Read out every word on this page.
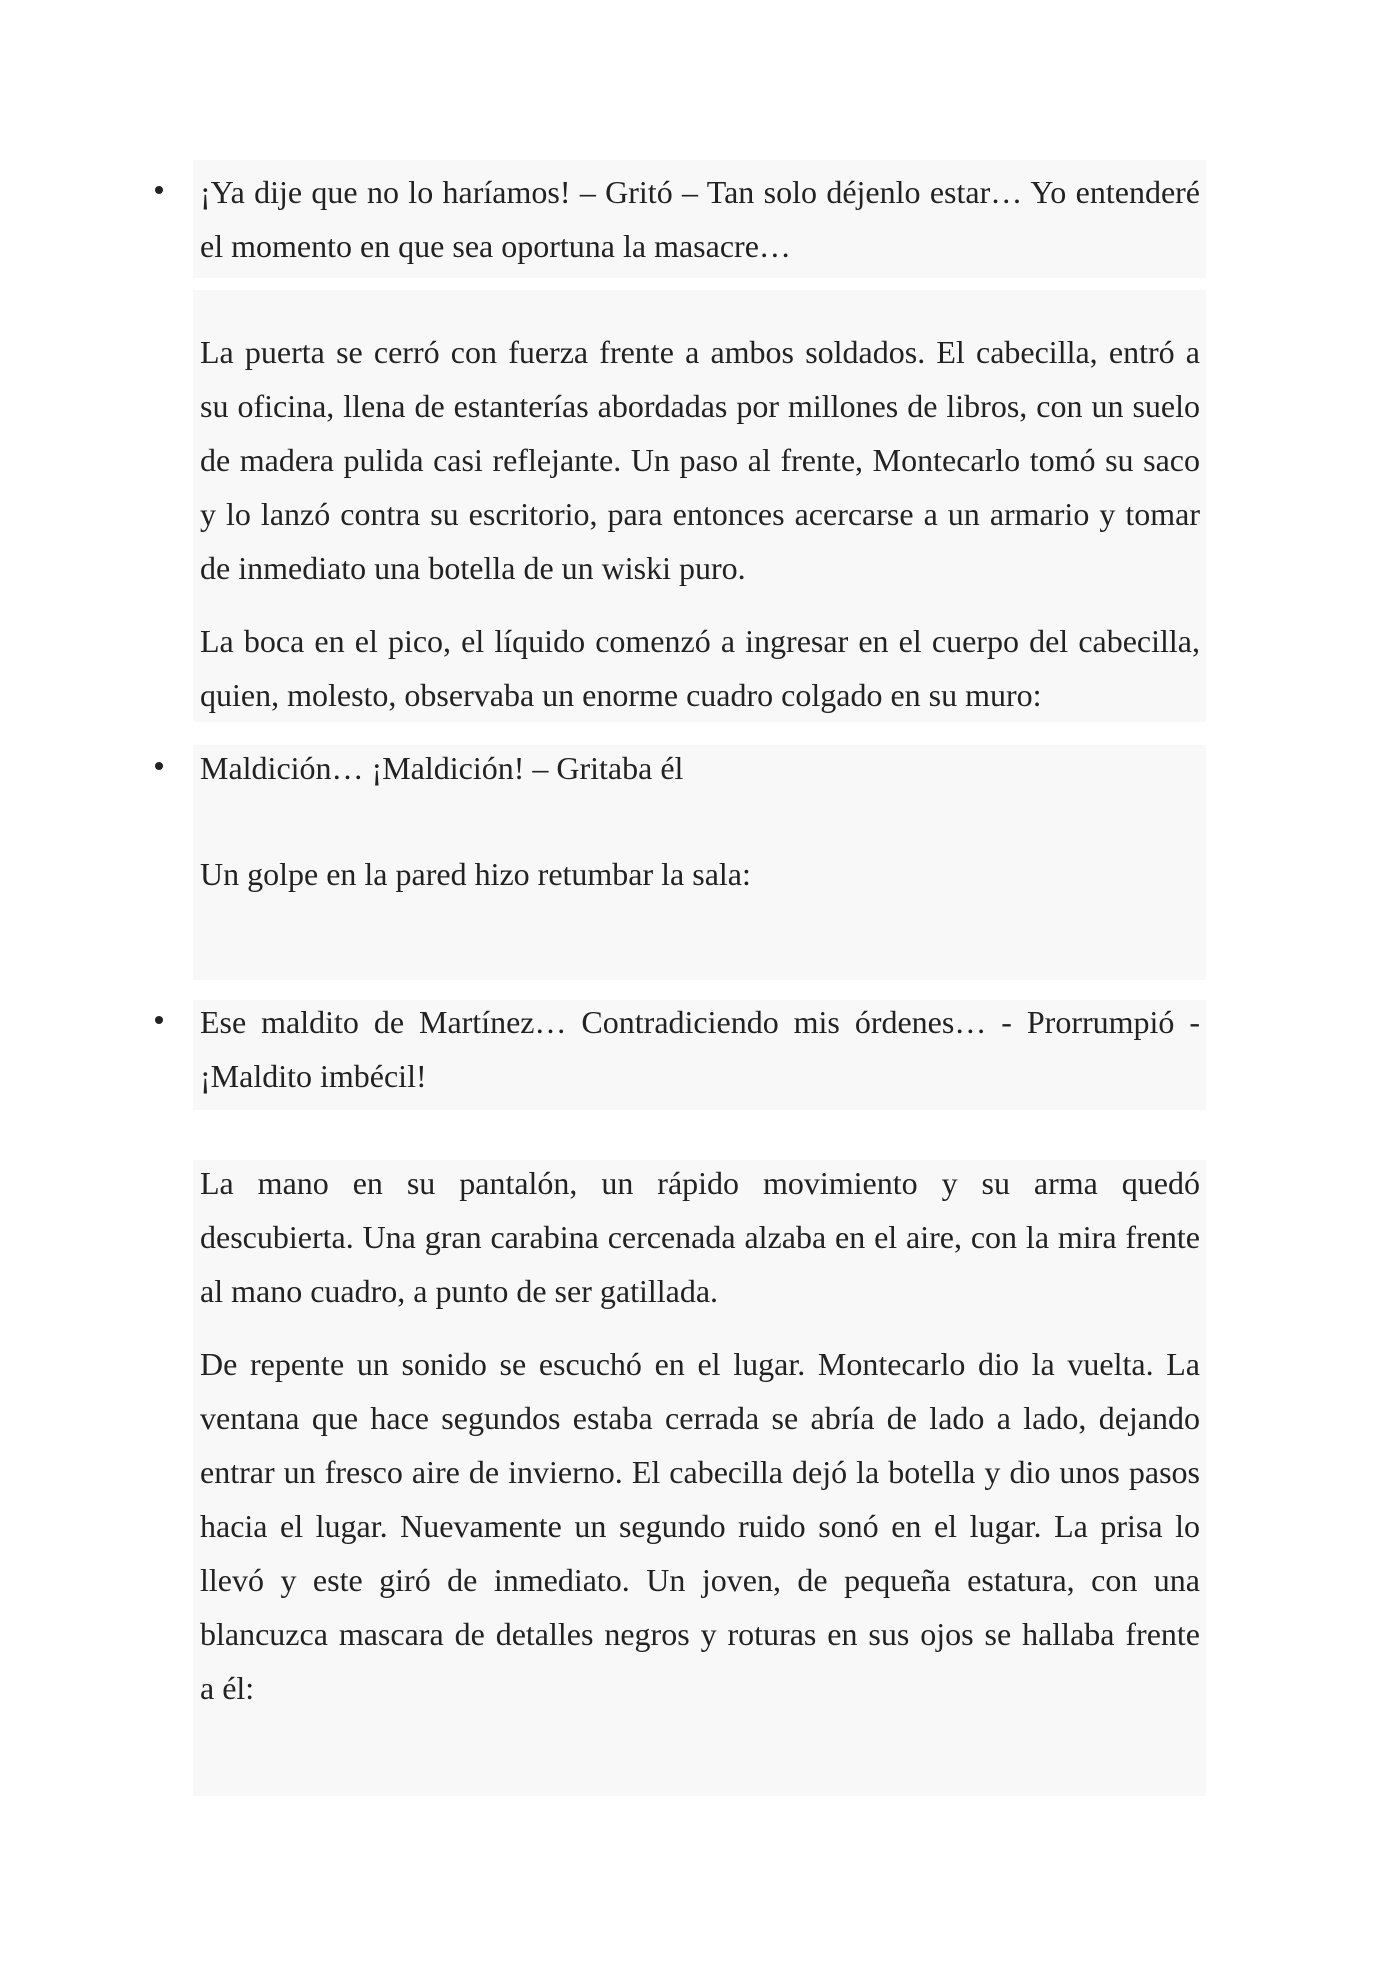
¡Ya dije que no lo haríamos! – Gritó – Tan solo déjenlo estar… Yo entenderé
el momento en que sea oportuna la masacre…
La puerta se cerró con fuerza frente a ambos soldados. El cabecilla, entró a
su oficina, llena de estanterías abordadas por millones de libros, con un suelo
de madera pulida casi reflejante. Un paso al frente, Montecarlo tomó su saco
y lo lanzó contra su escritorio, para entonces acercarse a un armario y tomar
de inmediato una botella de un wiski puro.
La boca en el pico, el líquido comenzó a ingresar en el cuerpo del cabecilla,
quien, molesto, observaba un enorme cuadro colgado en su muro:
Maldición… ¡Maldición! – Gritaba él
Un golpe en la pared hizo retumbar la sala:
Ese maldito de Martínez… Contradiciendo mis órdenes… - Prorrumpió -
¡Maldito imbécil!
La mano en su pantalón, un rápido movimiento y su arma quedó
descubierta. Una gran carabina cercenada alzaba en el aire, con la mira frente
al mano cuadro, a punto de ser gatillada.
De repente un sonido se escuchó en el lugar. Montecarlo dio la vuelta. La
ventana que hace segundos estaba cerrada se abría de lado a lado, dejando
entrar un fresco aire de invierno. El cabecilla dejó la botella y dio unos pasos
hacia el lugar. Nuevamente un segundo ruido sonó en el lugar. La prisa lo
llevó y este giró de inmediato. Un joven, de pequeña estatura, con una
blancuzca mascara de detalles negros y roturas en sus ojos se hallaba frente
a él:
